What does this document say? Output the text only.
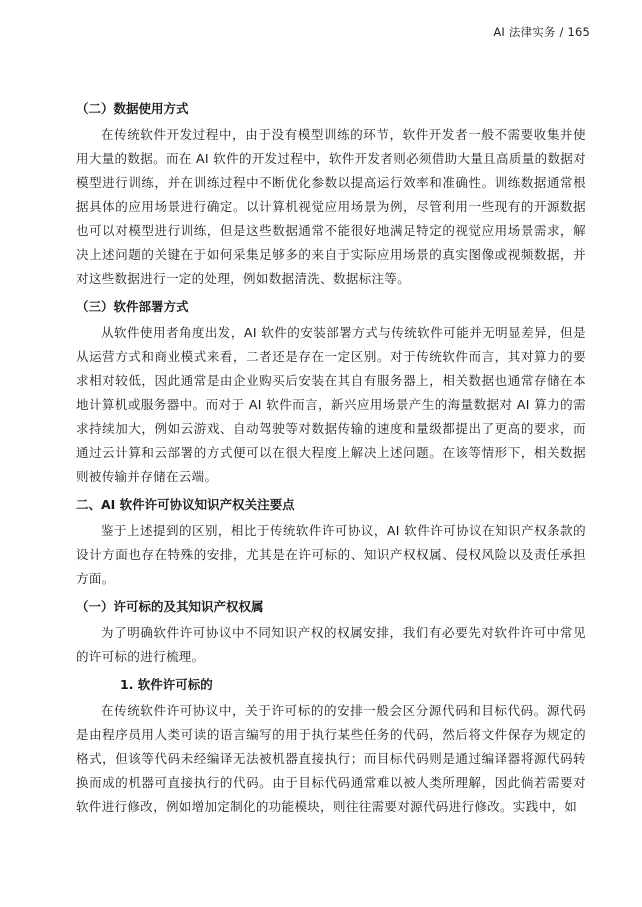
AI 法律实务 / 165
（二）数据使用方式

在传统软件开发过程中，由于没有模型训练的环节，软件开发者一般不需要收集并使用大量的数据。而在 AI 软件的开发过程中，软件开发者则必须借助大量且高质量的数据对模型进行训练，并在训练过程中不断优化参数以提高运行效率和准确性。训练数据通常根据具体的应用场景进行确定。以计算机视觉应用场景为例，尽管利用一些现有的开源数据也可以对模型进行训练，但是这些数据通常不能很好地满足特定的视觉应用场景需求，解决上述问题的关键在于如何采集足够多的来自于实际应用场景的真实图像或视频数据，并对这些数据进行一定的处理，例如数据清洗、数据标注等。

（三）软件部署方式

从软件使用者角度出发，AI 软件的安装部署方式与传统软件可能并无明显差异，但是从运营方式和商业模式来看，二者还是存在一定区别。对于传统软件而言，其对算力的要求相对较低，因此通常是由企业购买后安装在其自有服务器上，相关数据也通常存储在本地计算机或服务器中。而对于 AI 软件而言，新兴应用场景产生的海量数据对 AI 算力的需求持续加大，例如云游戏、自动驾驶等对数据传输的速度和量级都提出了更高的要求，而通过云计算和云部署的方式便可以在很大程度上解决上述问题。在该等情形下，相关数据则被传输并存储在云端。

二、AI 软件许可协议知识产权关注要点

鉴于上述提到的区别，相比于传统软件许可协议，AI 软件许可协议在知识产权条款的设计方面也存在特殊的安排，尤其是在许可标的、知识产权权属、侵权风险以及责任承担方面。

（一）许可标的及其知识产权权属

为了明确软件许可协议中不同知识产权的权属安排，我们有必要先对软件许可中常见的许可标的进行梳理。

1. 软件许可标的

在传统软件许可协议中，关于许可标的的安排一般会区分源代码和目标代码。源代码是由程序员用人类可读的语言编写的用于执行某些任务的代码，然后将文件保存为规定的格式，但该等代码未经编译无法被机器直接执行；而目标代码则是通过编译器将源代码转换而成的机器可直接执行的代码。由于目标代码通常难以被人类所理解，因此倘若需要对软件进行修改，例如增加定制化的功能模块，则往往需要对源代码进行修改。实践中，如
